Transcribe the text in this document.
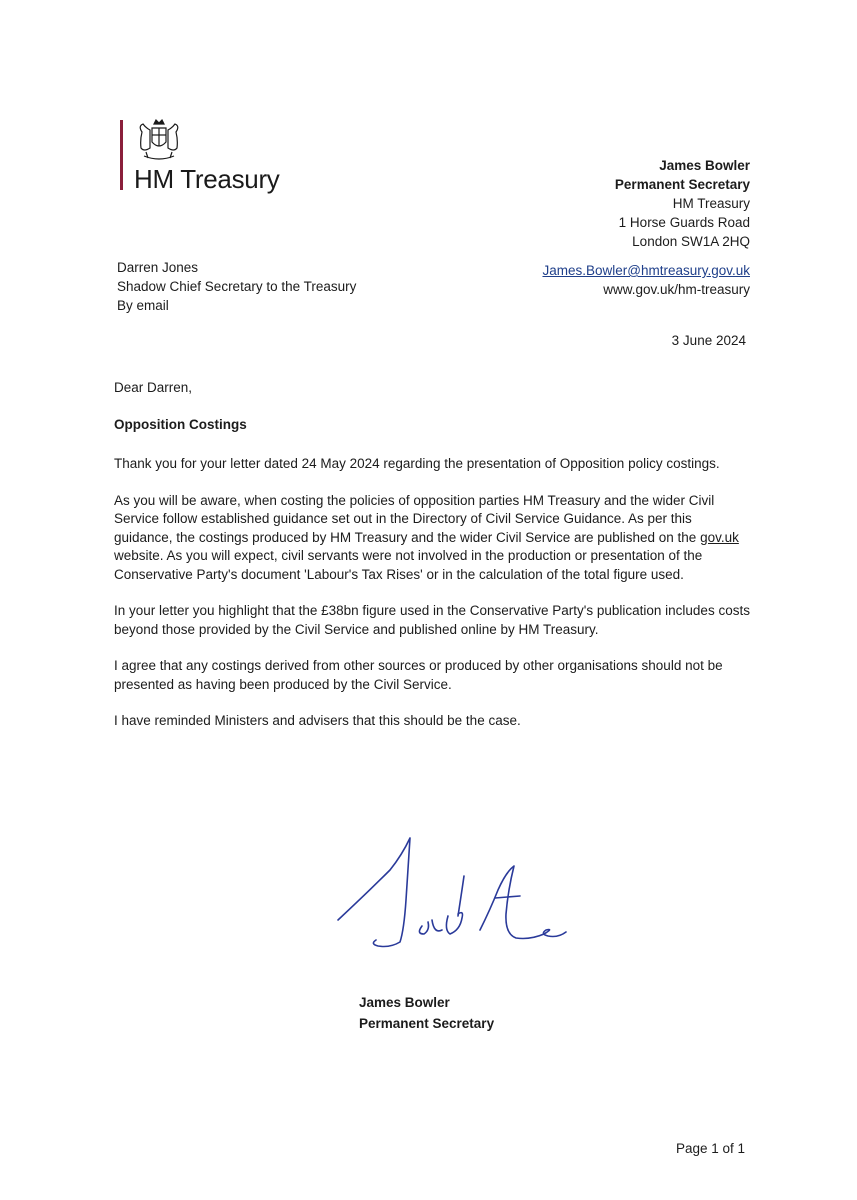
HM Treasury	James Bowler
Permanent Secretary
HM Treasury
1 Horse Guards Road
London SW1A 2HQ
James.Bowler@hmtreasury.gov.uk
www.gov.uk/hm-treasury
Darren Jones
Shadow Chief Secretary to the Treasury
By email
3 June 2024
Dear Darren,
Opposition Costings

Thank you for your letter dated 24 May 2024 regarding the presentation of Opposition policy costings.

As you will be aware, when costing the policies of opposition parties HM Treasury and the wider Civil Service follow established guidance set out in the Directory of Civil Service Guidance. As per this guidance, the costings produced by HM Treasury and the wider Civil Service are published on the gov.uk website. As you will expect, civil servants were not involved in the production or presentation of the Conservative Party's document 'Labour's Tax Rises' or in the calculation of the total figure used.

In your letter you highlight that the £38bn figure used in the Conservative Party's publication includes costs beyond those provided by the Civil Service and published online by HM Treasury.

I agree that any costings derived from other sources or produced by other organisations should not be presented as having been produced by the Civil Service.

I have reminded Ministers and advisers that this should be the case.

James Bowler
Permanent Secretary
Page 1 of 1
